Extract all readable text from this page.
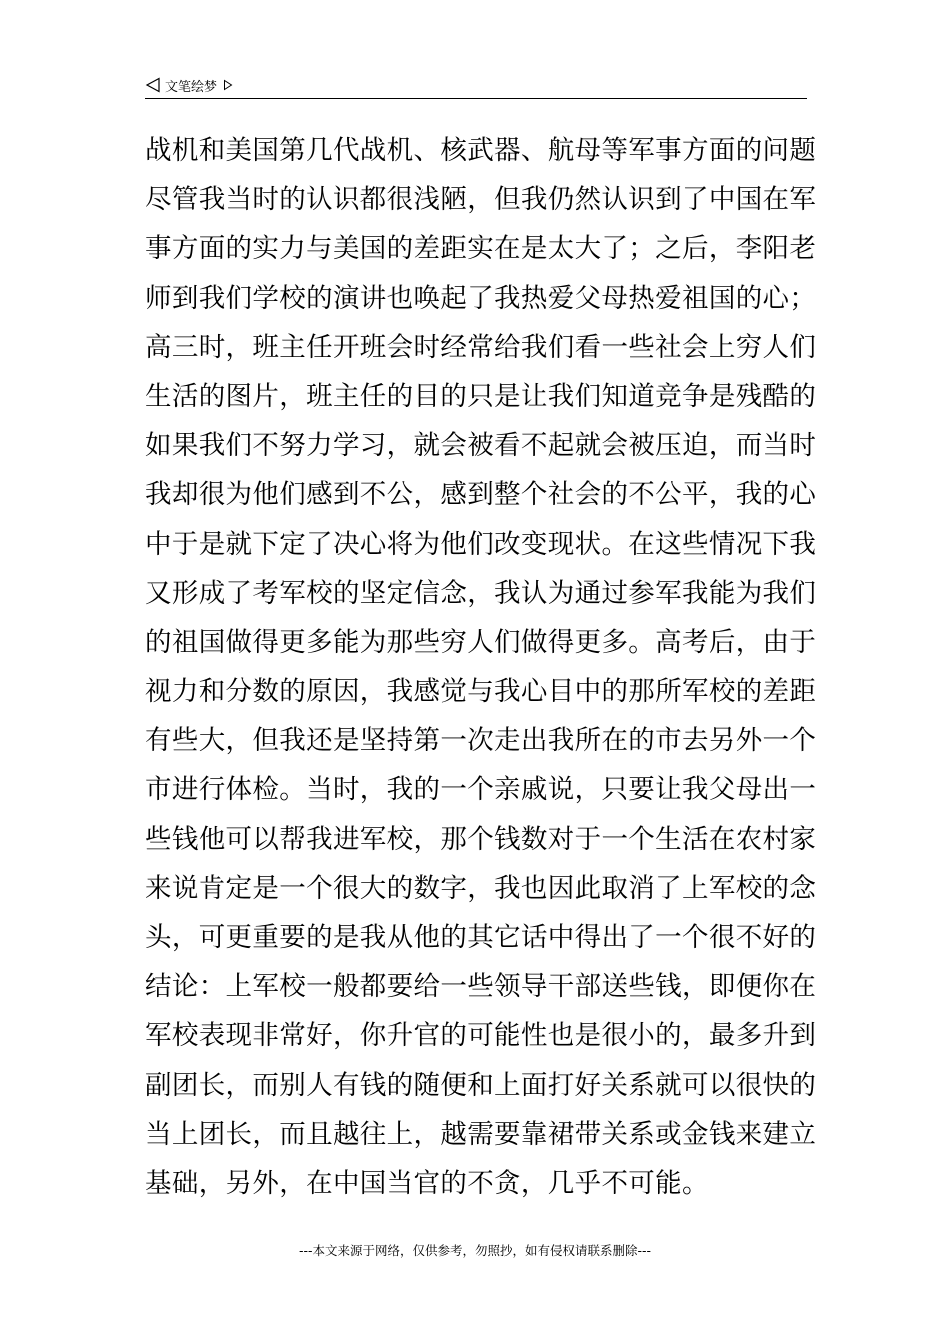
文笔绘梦
战机和美国第几代战机、核武器、航母等军事方面的问题
尽管我当时的认识都很浅陋，但我仍然认识到了中国在军
事方面的实力与美国的差距实在是太大了；之后，李阳老
师到我们学校的演讲也唤起了我热爱父母热爱祖国的心；
高三时，班主任开班会时经常给我们看一些社会上穷人们
生活的图片，班主任的目的只是让我们知道竞争是残酷的
如果我们不努力学习，就会被看不起就会被压迫，而当时
我却很为他们感到不公，感到整个社会的不公平，我的心
中于是就下定了决心将为他们改变现状。在这些情况下我
又形成了考军校的坚定信念，我认为通过参军我能为我们
的祖国做得更多能为那些穷人们做得更多。高考后，由于
视力和分数的原因，我感觉与我心目中的那所军校的差距
有些大，但我还是坚持第一次走出我所在的市去另外一个
市进行体检。当时，我的一个亲戚说，只要让我父母出一
些钱他可以帮我进军校，那个钱数对于一个生活在农村家
来说肯定是一个很大的数字，我也因此取消了上军校的念
头，可更重要的是我从他的其它话中得出了一个很不好的
结论：上军校一般都要给一些领导干部送些钱，即便你在
军校表现非常好，你升官的可能性也是很小的，最多升到
副团长，而别人有钱的随便和上面打好关系就可以很快的
当上团长，而且越往上，越需要靠裙带关系或金钱来建立
基础，另外，在中国当官的不贪，几乎不可能。
---本文来源于网络，仅供参考，勿照抄，如有侵权请联系删除---
